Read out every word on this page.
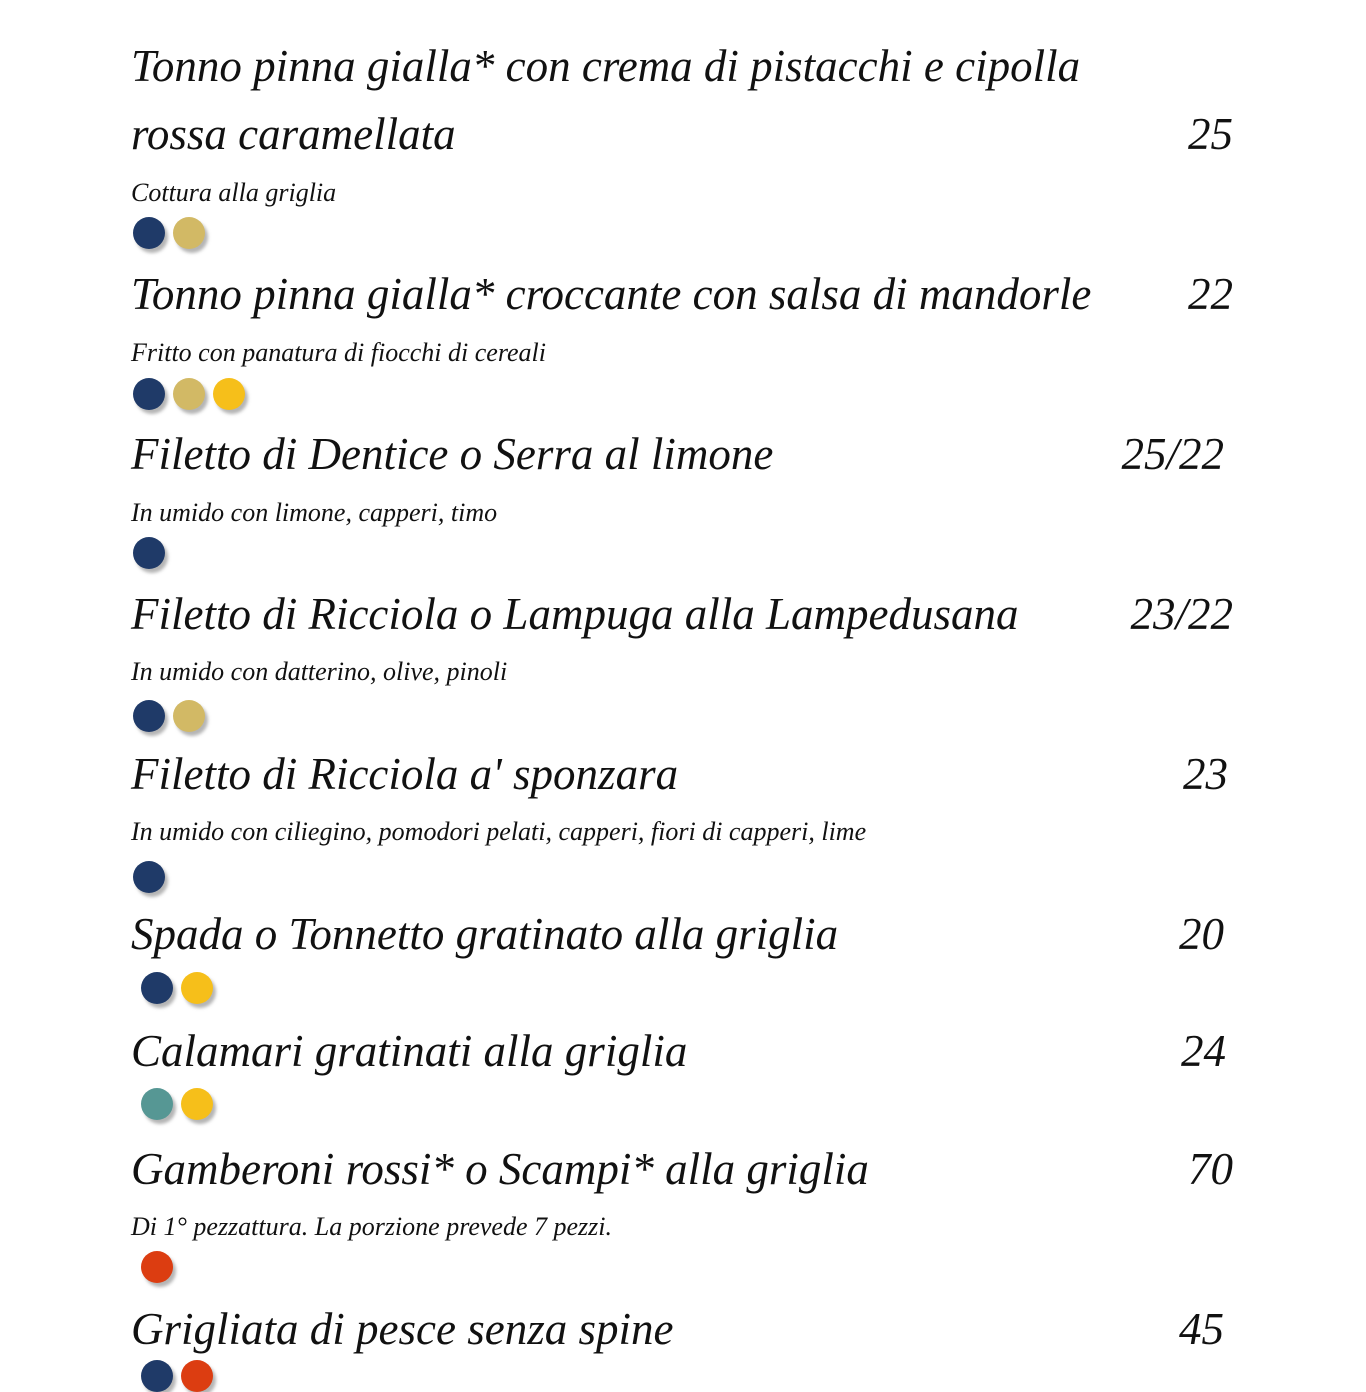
Tonno pinna gialla* con crema di pistacchi e cipolla
rossa caramellata	25
Cottura alla griglia
Tonno pinna gialla* croccante con salsa di mandorle 22
Fritto con panatura di fiocchi di cereali
Filetto di Dentice o Serra al limone	25/22
In umido con limone, capperi, timo
Filetto di Ricciola o Lampuga alla Lampedusana 23/22
In umido con datterino, olive, pinoli
Filetto di Ricciola a' sponzara	23
In umido con ciliegino, pomodori pelati, capperi, fiori di capperi, lime
Spada o Tonnetto gratinato alla griglia	20
Calamari gratinati alla griglia	24
Gamberoni rossi* o Scampi* alla griglia	70
Di 1° pezzattura. La porzione prevede 7 pezzi.
Grigliata di pesce senza spine	45
